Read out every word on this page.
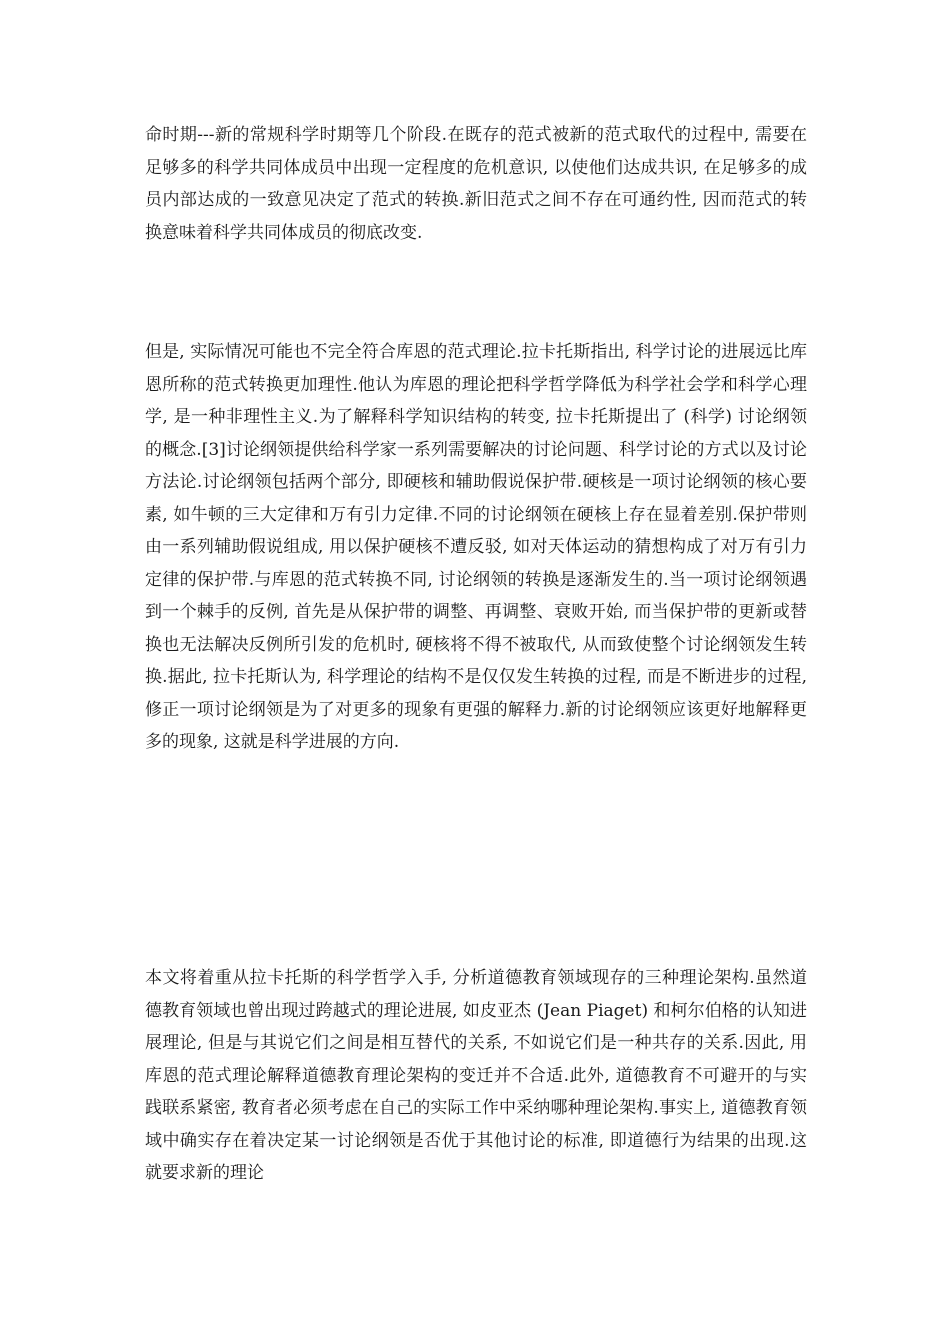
命时期---新的常规科学时期等几个阶段.在既存的范式被新的范式取代的过程中, 需要在足够多的科学共同体成员中出现一定程度的危机意识, 以使他们达成共识, 在足够多的成员内部达成的一致意见决定了范式的转换.新旧范式之间不存在可通约性, 因而范式的转换意味着科学共同体成员的彻底改变.

但是, 实际情况可能也不完全符合库恩的范式理论.拉卡托斯指出, 科学讨论的进展远比库恩所称的范式转换更加理性.他认为库恩的理论把科学哲学降低为科学社会学和科学心理学, 是一种非理性主义.为了解释科学知识结构的转变, 拉卡托斯提出了 (科学) 讨论纲领的概念.[3]讨论纲领提供给科学家一系列需要解决的讨论问题、科学讨论的方式以及讨论方法论.讨论纲领包括两个部分, 即硬核和辅助假说保护带.硬核是一项讨论纲领的核心要素, 如牛顿的三大定律和万有引力定律.不同的讨论纲领在硬核上存在显着差别.保护带则由一系列辅助假说组成, 用以保护硬核不遭反驳, 如对天体运动的猜想构成了对万有引力定律的保护带.与库恩的范式转换不同, 讨论纲领的转换是逐渐发生的.当一项讨论纲领遇到一个棘手的反例, 首先是从保护带的调整、再调整、衰败开始, 而当保护带的更新或替换也无法解决反例所引发的危机时, 硬核将不得不被取代, 从而致使整个讨论纲领发生转换.据此, 拉卡托斯认为, 科学理论的结构不是仅仅发生转换的过程, 而是不断进步的过程, 修正一项讨论纲领是为了对更多的现象有更强的解释力.新的讨论纲领应该更好地解释更多的现象, 这就是科学进展的方向.

本文将着重从拉卡托斯的科学哲学入手, 分析道德教育领域现存的三种理论架构.虽然道德教育领域也曾出现过跨越式的理论进展, 如皮亚杰 (Jean Piaget) 和柯尔伯格的认知进展理论, 但是与其说它们之间是相互替代的关系, 不如说它们是一种共存的关系.因此, 用库恩的范式理论解释道德教育理论架构的变迁并不合适.此外, 道德教育不可避开的与实践联系紧密, 教育者必须考虑在自己的实际工作中采纳哪种理论架构.事实上, 道德教育领域中确实存在着决定某一讨论纲领是否优于其他讨论的标准, 即道德行为结果的出现.这就要求新的理论
